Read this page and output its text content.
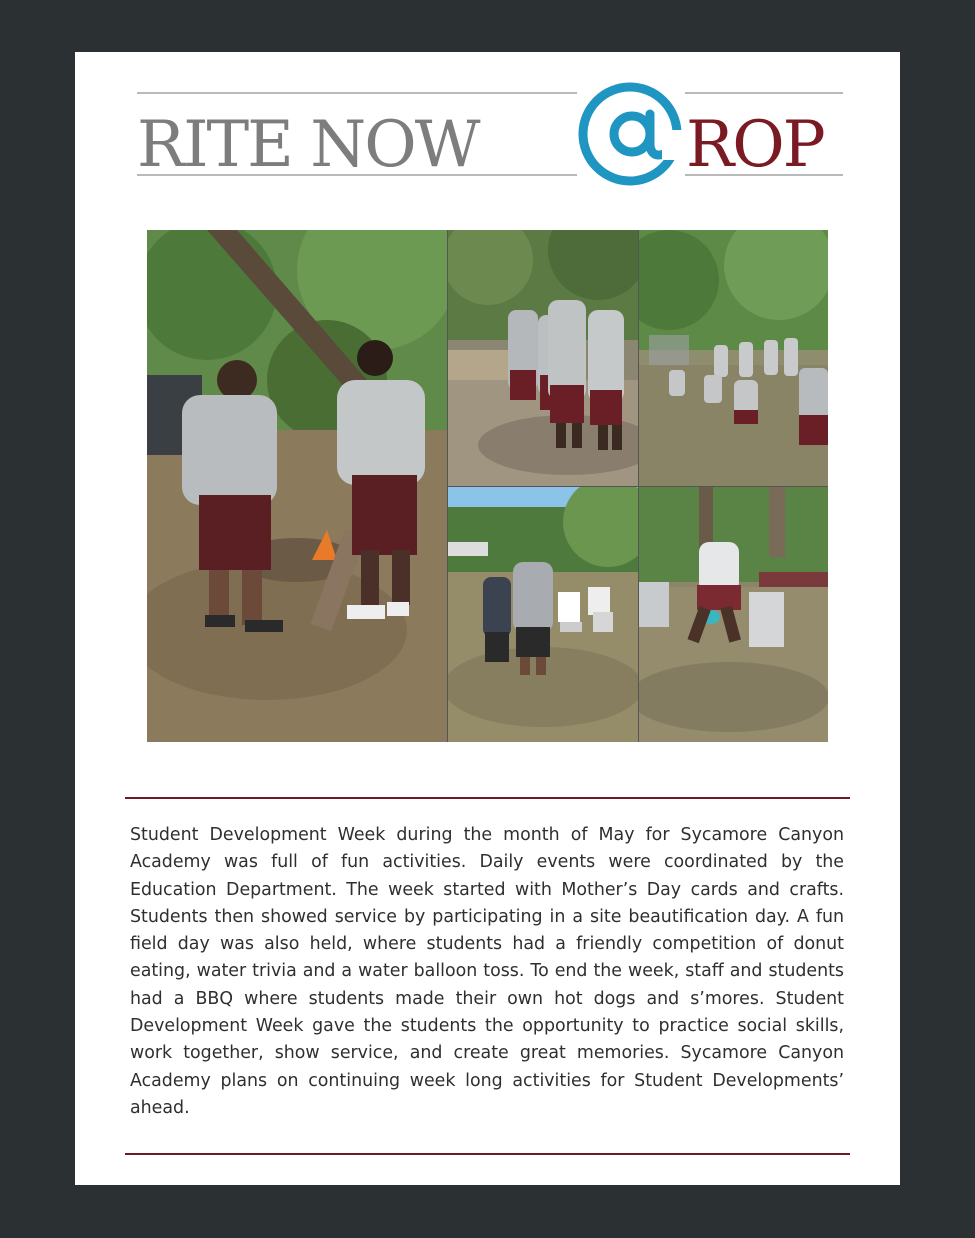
RITE NOW	ROP

Student Development Week during the month of May for Sycamore Canyon Academy was full of fun activities. Daily events were coordinated by the Education Department. The week started with Mother’s Day cards and crafts. Students then showed service by participating in a site beautification day. A fun field day was also held, where students had a friendly competition of donut eating, water trivia and a water balloon toss. To end the week, staff and students had a BBQ where students made their own hot dogs and s’mores. Student Development Week gave the students the opportunity to practice social skills, work together, show service, and create great memories. Sycamore Canyon Academy plans on continuing week long activities for Student Developments’ ahead.
